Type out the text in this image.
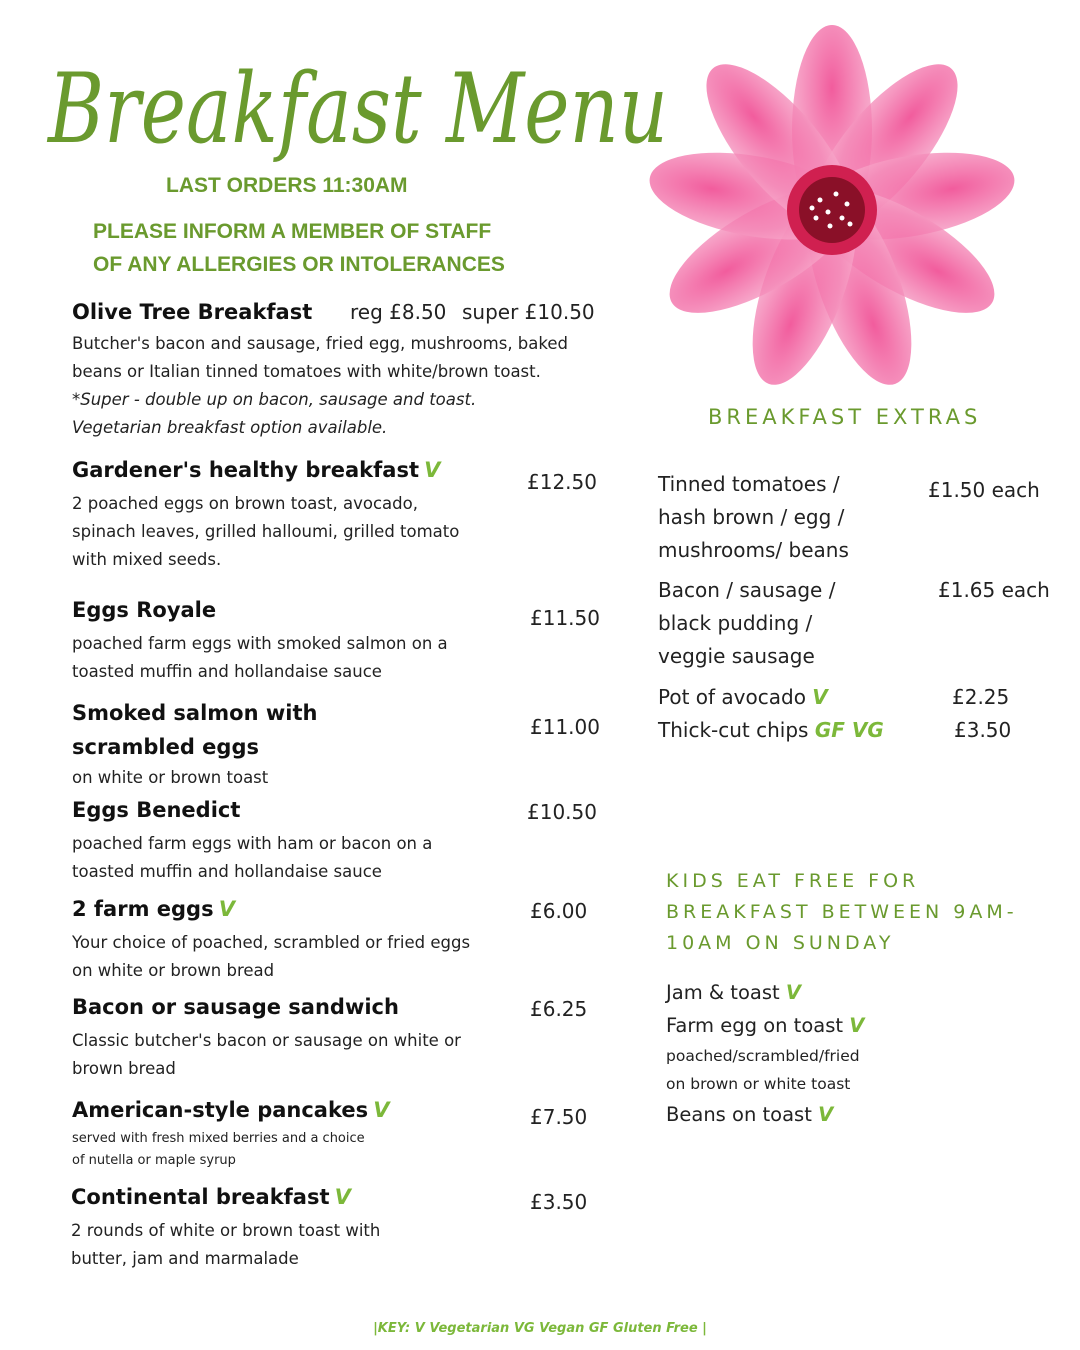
Breakfast Menu
LAST ORDERS 11:30AM
PLEASE INFORM A MEMBER OF STAFF
OF ANY ALLERGIES OR INTOLERANCES
Olive Tree Breakfast reg £8.50 super £10.50
Butcher's bacon and sausage, fried egg, mushrooms, baked
beans or Italian tinned tomatoes with white/brown toast.
*Super - double up on bacon, sausage and toast.
Vegetarian breakfast option available.
Gardener's healthy breakfast V
2 poached eggs on brown toast, avocado,
spinach leaves, grilled halloumi, grilled tomato
with mixed seeds.
£12.50
Eggs Royale
poached farm eggs with smoked salmon on a
toasted muffin and hollandaise sauce
£11.50
Smoked salmon with
scrambled eggs
on white or brown toast
£11.00
Eggs Benedict
poached farm eggs with ham or bacon on a
toasted muffin and hollandaise sauce
£10.50
2 farm eggs V
Your choice of poached, scrambled or fried eggs
on white or brown bread
£6.00
Bacon or sausage sandwich
Classic butcher's bacon or sausage on white or
brown bread
£6.25
American-style pancakes V
served with fresh mixed berries and a choice
of nutella or maple syrup
£7.50
Continental breakfast V
2 rounds of white or brown toast with
butter, jam and marmalade
£3.50
BREAKFAST EXTRAS
Tinned tomatoes /
hash brown / egg /
mushrooms/ beans
£1.50 each
Bacon / sausage /
black pudding /
veggie sausage
£1.65 each
Pot of avocado V	£2.25
Thick-cut chips GF VG	£3.50
KIDS EAT FREE FOR
BREAKFAST BETWEEN 9AM-
10AM ON SUNDAY
Jam & toast V
Farm egg on toast V
poached/scrambled/fried
on brown or white toast
Beans on toast V
|KEY: V Vegetarian VG Vegan GF Gluten Free |
